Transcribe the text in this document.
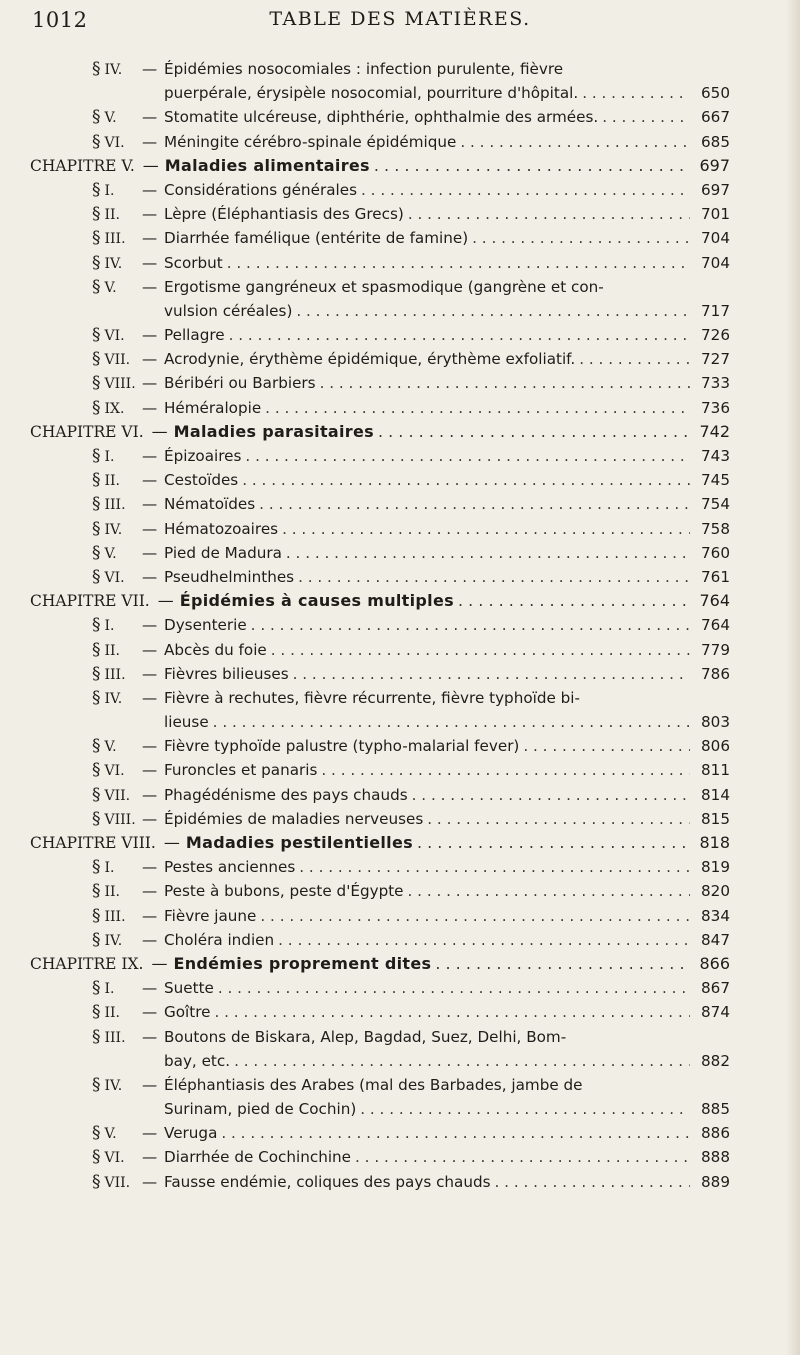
1012	TABLE DES MATIÈRES.
§ IV.	— Épidémies nosocomiales : infection purulente, fièvre
puerpérale, érysipèle nosocomial, pourriture d'hôpital. . . .	650
§ V.	— Stomatite ulcéreuse, diphthérie, ophthalmie des armées. . . .	667
§ VI.	— Méningite cérébro-spinale épidémique . . .	685
CHAPITRE V. — Maladies alimentaires . . .	697
§ I.	— Considérations générales . . .	697
§ II.	— Lèpre (Éléphantiasis des Grecs) . . .	701
§ III.	— Diarrhée famélique (entérite de famine) . . .	704
§ IV.	— Scorbut . . .	704
§ V.	— Ergotisme gangréneux et spasmodique (gangrène et con-
vulsion céréales) . . .	717
§ VI.	— Pellagre . . .	726
§ VII. — Acrodynie, érythème épidémique, érythème exfoliatif. . . .	727
§ VIII. — Béribéri ou Barbiers . . .	733
§ IX.	— Héméralopie . . .	736
CHAPITRE VI. — Maladies parasitaires . . .	742
§ I.	— Épizoaires . . .	743
§ II.	— Cestoïdes . . .	745
§ III.	— Nématoïdes . . .	754
§ IV.	— Hématozoaires . . .	758
§ V.	— Pied de Madura . . .	760
§ VI.	— Pseudhelminthes . . .	761
CHAPITRE VII. — Épidémies à causes multiples . . .	764
§ I.	— Dysenterie . . .	764
§ II.	— Abcès du foie . . .	779
§ III.	— Fièvres bilieuses . . .	786
§ IV.	— Fièvre à rechutes, fièvre récurrente, fièvre typhoïde bi-
lieuse . . .	803
§ V.	— Fièvre typhoïde palustre (typho-malarial fever) . . .	806
§ VI.	— Furoncles et panaris . . .	811
§ VII. — Phagédénisme des pays chauds . . .	814
§ VIII. — Épidémies de maladies nerveuses . . .	815
CHAPITRE VIII. — Madadies pestilentielles . . .	818
§ I.	— Pestes anciennes . . .	819
§ II.	— Peste à bubons, peste d'Égypte . . .	820
§ III.	— Fièvre jaune . . .	834
§ IV.	— Choléra indien . . .	847
CHAPITRE IX. — Endémies proprement dites . . .	866
§ I.	— Suette . . .	867
§ II.	— Goître . . .	874
§ III.	— Boutons de Biskara, Alep, Bagdad, Suez, Delhi, Bom-
bay, etc. . . .	882
§ IV.	— Éléphantiasis des Arabes (mal des Barbades, jambe de
Surinam, pied de Cochin) . . .	885
§ V.	— Veruga . . .	886
§ VI.	— Diarrhée de Cochinchine . . .	888
§ VII. — Fausse endémie, coliques des pays chauds . . .	889
